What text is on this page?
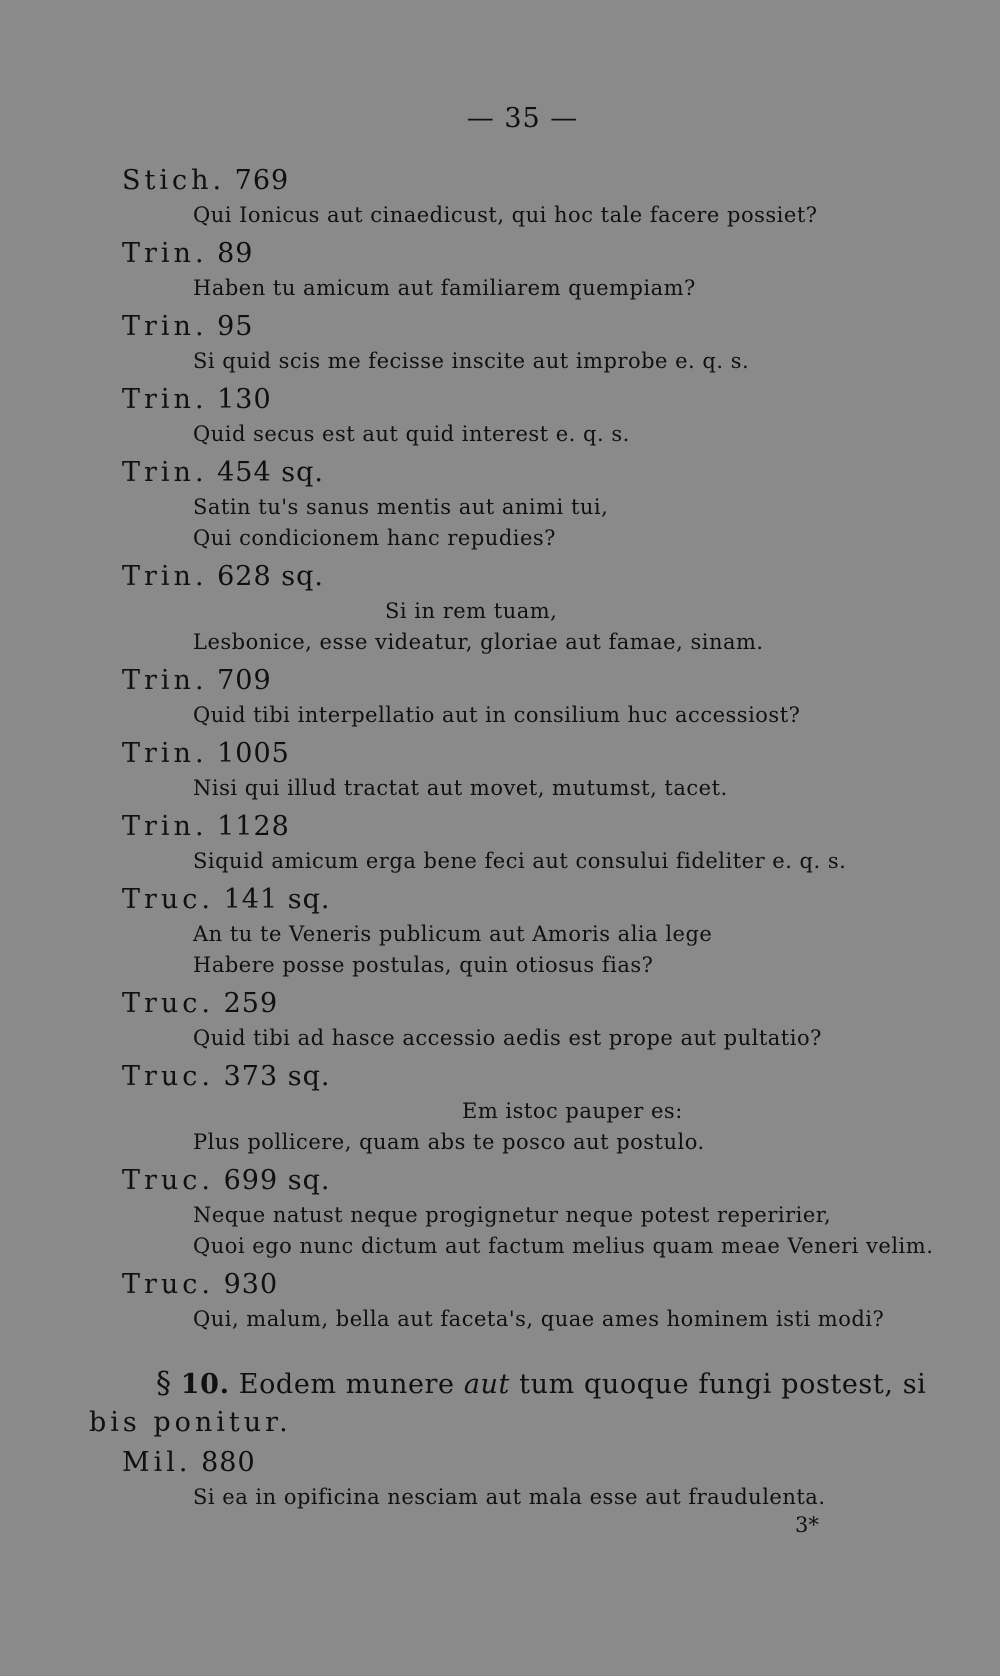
— 35 —
Stich. 769
Qui Ionicus aut cinaedicust, qui hoc tale facere possiet?
Trin. 89
Haben tu amicum aut familiarem quempiam?
Trin. 95
Si quid scis me fecisse inscite aut improbe e. q. s.
Trin. 130
Quid secus est aut quid interest e. q. s.
Trin. 454 sq.
Satin tu's sanus mentis aut animi tui,
Qui condicionem hanc repudies?
Trin. 628 sq.
Si in rem tuam,
Lesbonice, esse videatur, gloriae aut famae, sinam.
Trin. 709
Quid tibi interpellatio aut in consilium huc accessiost?
Trin. 1005
Nisi qui illud tractat aut movet, mutumst, tacet.
Trin. 1128
Siquid amicum erga bene feci aut consului fideliter e. q. s.
Truc. 141 sq.
An tu te Veneris publicum aut Amoris alia lege
Habere posse postulas, quin otiosus fias?
Truc. 259
Quid tibi ad hasce accessio aedis est prope aut pultatio?
Truc. 373 sq.
Em istoc pauper es:
Plus pollicere, quam abs te posco aut postulo.
Truc. 699 sq.
Neque natust neque progignetur neque potest reperirier,
Quoi ego nunc dictum aut factum melius quam meae Veneri velim.
Truc. 930
Qui, malum, bella aut faceta's, quae ames hominem isti modi?
§ 10. Eodem munere aut tum quoque fungi postest, si
bis ponitur.
Mil. 880
Si ea in opificina nesciam aut mala esse aut fraudulenta.
3*
